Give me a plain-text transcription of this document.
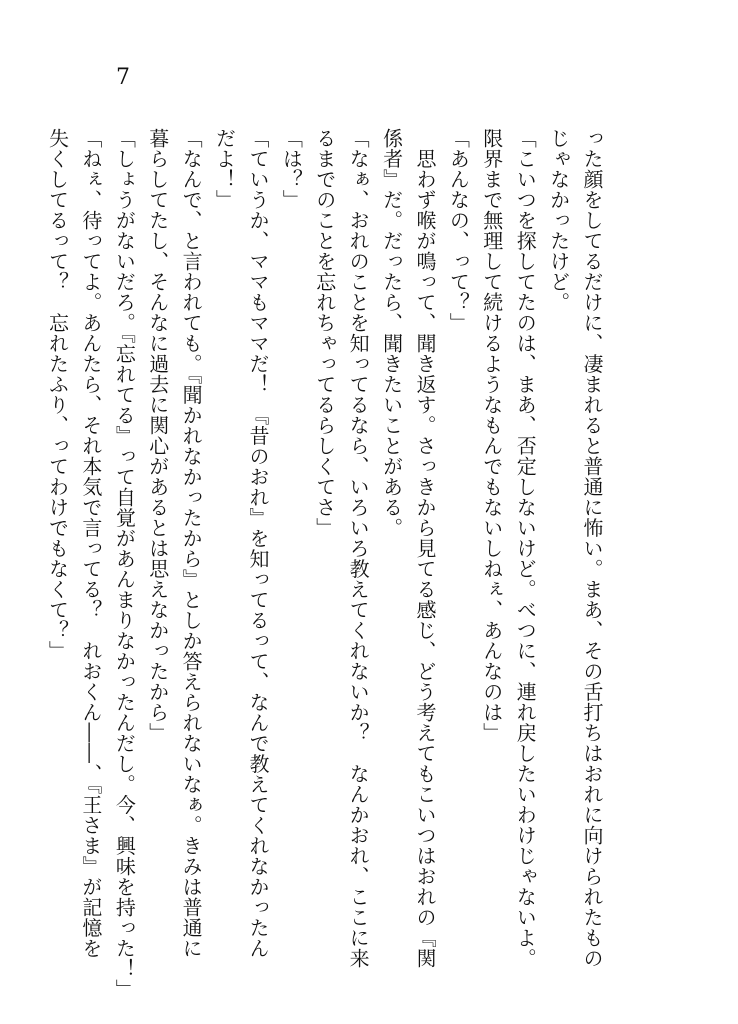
7

った顔をしてるだけに、凄まれると普通に怖い。まあ、その舌打ちはおれに向けられたもの

じゃなかったけど。

「こいつを探してたのは、まあ、否定しないけど。べつに、連れ戻したいわけじゃないよ。

限界まで無理して続けるようなもんでもないしねぇ、あんなのは」

「あんなの、って？」

　思わず喉が鳴って、聞き返す。さっきから見てる感じ、どう考えてもこいつはおれの『関

係者』だ。だったら、聞きたいことがある。

「なぁ、おれのことを知ってるなら、いろいろ教えてくれないか？　なんかおれ、ここに来

るまでのことを忘れちゃってるらしくてさ」

「は？」

「ていうか、ママもママだ！　『昔のおれ』を知ってるって、なんで教えてくれなかったん

だよ！」

「なんで、と言われても。『聞かれなかったから』としか答えられないなぁ。きみは普通に

暮らしてたし、そんなに過去に関心があるとは思えなかったから」

「しょうがないだろ。『忘れてる』って自覚があんまりなかったんだし。今、興味を持った！」

「ねぇ、待ってよ。あんたら、それ本気で言ってる？　れおくん――、『王さま』が記憶を

失くしてるって？　忘れたふり、ってわけでもなくて？」
